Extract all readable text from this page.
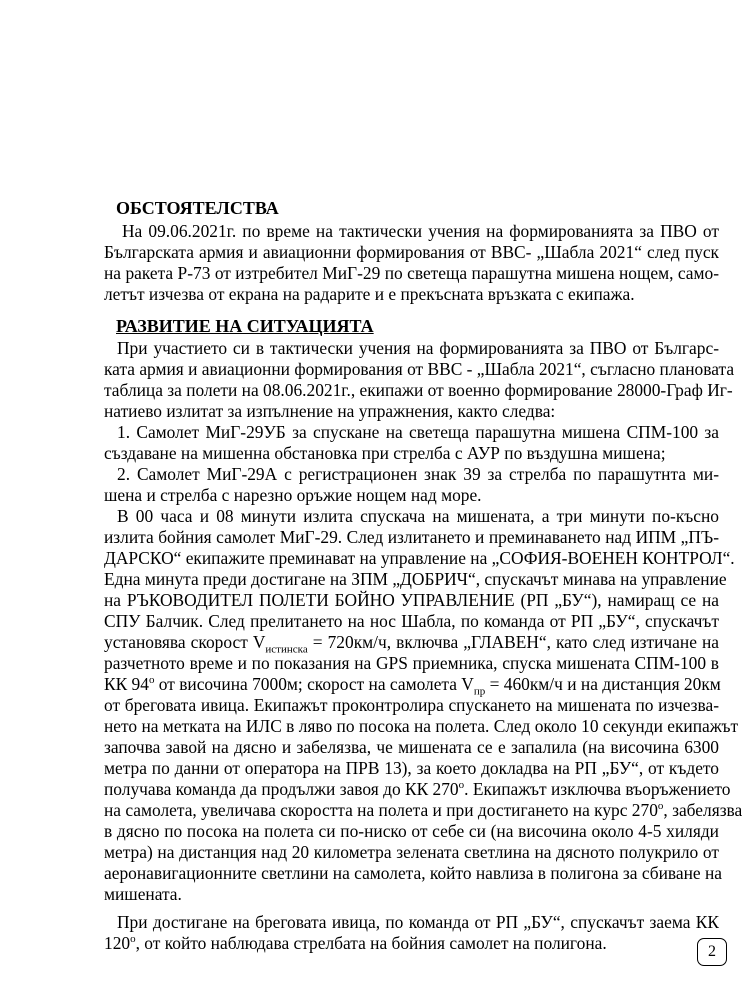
ОБСТОЯТЕЛСТВА
Ha 09.06.2021г. по време на тактически учения на формированията за ПВО от
Българската армия и авиационни формирования от ВВС- „Шабла 2021“ след пуск
на ракета Р-73 от изтребител МиГ-29 по светеща парашутна мишена нощем, само-
летът изчезва от екрана на радарите и е прекъсната връзката с екипажа.
РАЗВИТИЕ НА СИТУАЦИЯТА
При участието си в тактически учения на формированията за ПВО от Българс-
ката армия и авиационни формирования от ВВС - „Шабла 2021“, съгласно плановата
таблица за полети на 08.06.2021г., екипажи от военно формирование 28000-Граф Иг-
натиево излитат за изпълнение на упражнения, както следва:
1. Самолет МиГ-29УБ за спускане на светеща парашутна мишена СПМ-100 за
създаване на мишенна обстановка при стрелба с АУР по въздушна мишена;
2. Самолет МиГ-29А с регистрационен знак 39 за стрелба по парашутнта ми-
шена и стрелба с нарезно оръжие нощем над море.
В 00 часа и 08 минути излита спускача на мишената, а три минути по-късно
излита бойния самолет МиГ-29. След излитането и преминаването над ИПМ „ПЪ-
ДАРСКО“ екипажите преминават на управление на „СОФИЯ-ВОЕНЕН КОНТРОЛ“.
Една минута преди достигане на ЗПМ „ДОБРИЧ“, спускачът минава на управление
на РЪКОВОДИТЕЛ ПОЛЕТИ БОЙНО УПРАВЛЕНИЕ (РП „БУ“), намиращ се на
СПУ Балчик. След прелитането на нос Шабла, по команда от РП „БУ“, спускачът
установява скорост $V_{истинска} = 720км/ч$, включва „ГЛАВЕН“, като след изтичане на
разчетното време и по показания на GPS приемника, спуска мишената СПМ-100 в
КК $94^о$ от височина 7000м; скорост на самолета $V_{пр} = 460км/ч$ и на дистанция 20км
от бреговата ивица. Екипажът проконтролира спускането на мишената по изчезва-
нето на метката на ИЛС в ляво по посока на полета. След около 10 секунди екипажът
започва завой на дясно и забелязва, че мишената се е запалила (на височина 6300
метра по данни от оператора на ПРВ 13), за което докладва на РП „БУ“, от където
получава команда да продължи завоя до КК $270^о$. Екипажът изключва въоръжението
на самолета, увеличава скоростта на полета и при достигането на курс $270^о$, забелязва
в дясно по посока на полета си по-ниско от себе си (на височина около 4-5 хиляди
метра) на дистанция над 20 километра зелената светлина на дясното полукрило от
аеронавигационните светлини на самолета, който навлиза в полигона за сбиване на
мишената.
При достигане на бреговата ивица, по команда от РП „БУ“, спускачът заема КК
$120^о$, от който наблюдава стрелбата на бойния самолет на полигона.	2
